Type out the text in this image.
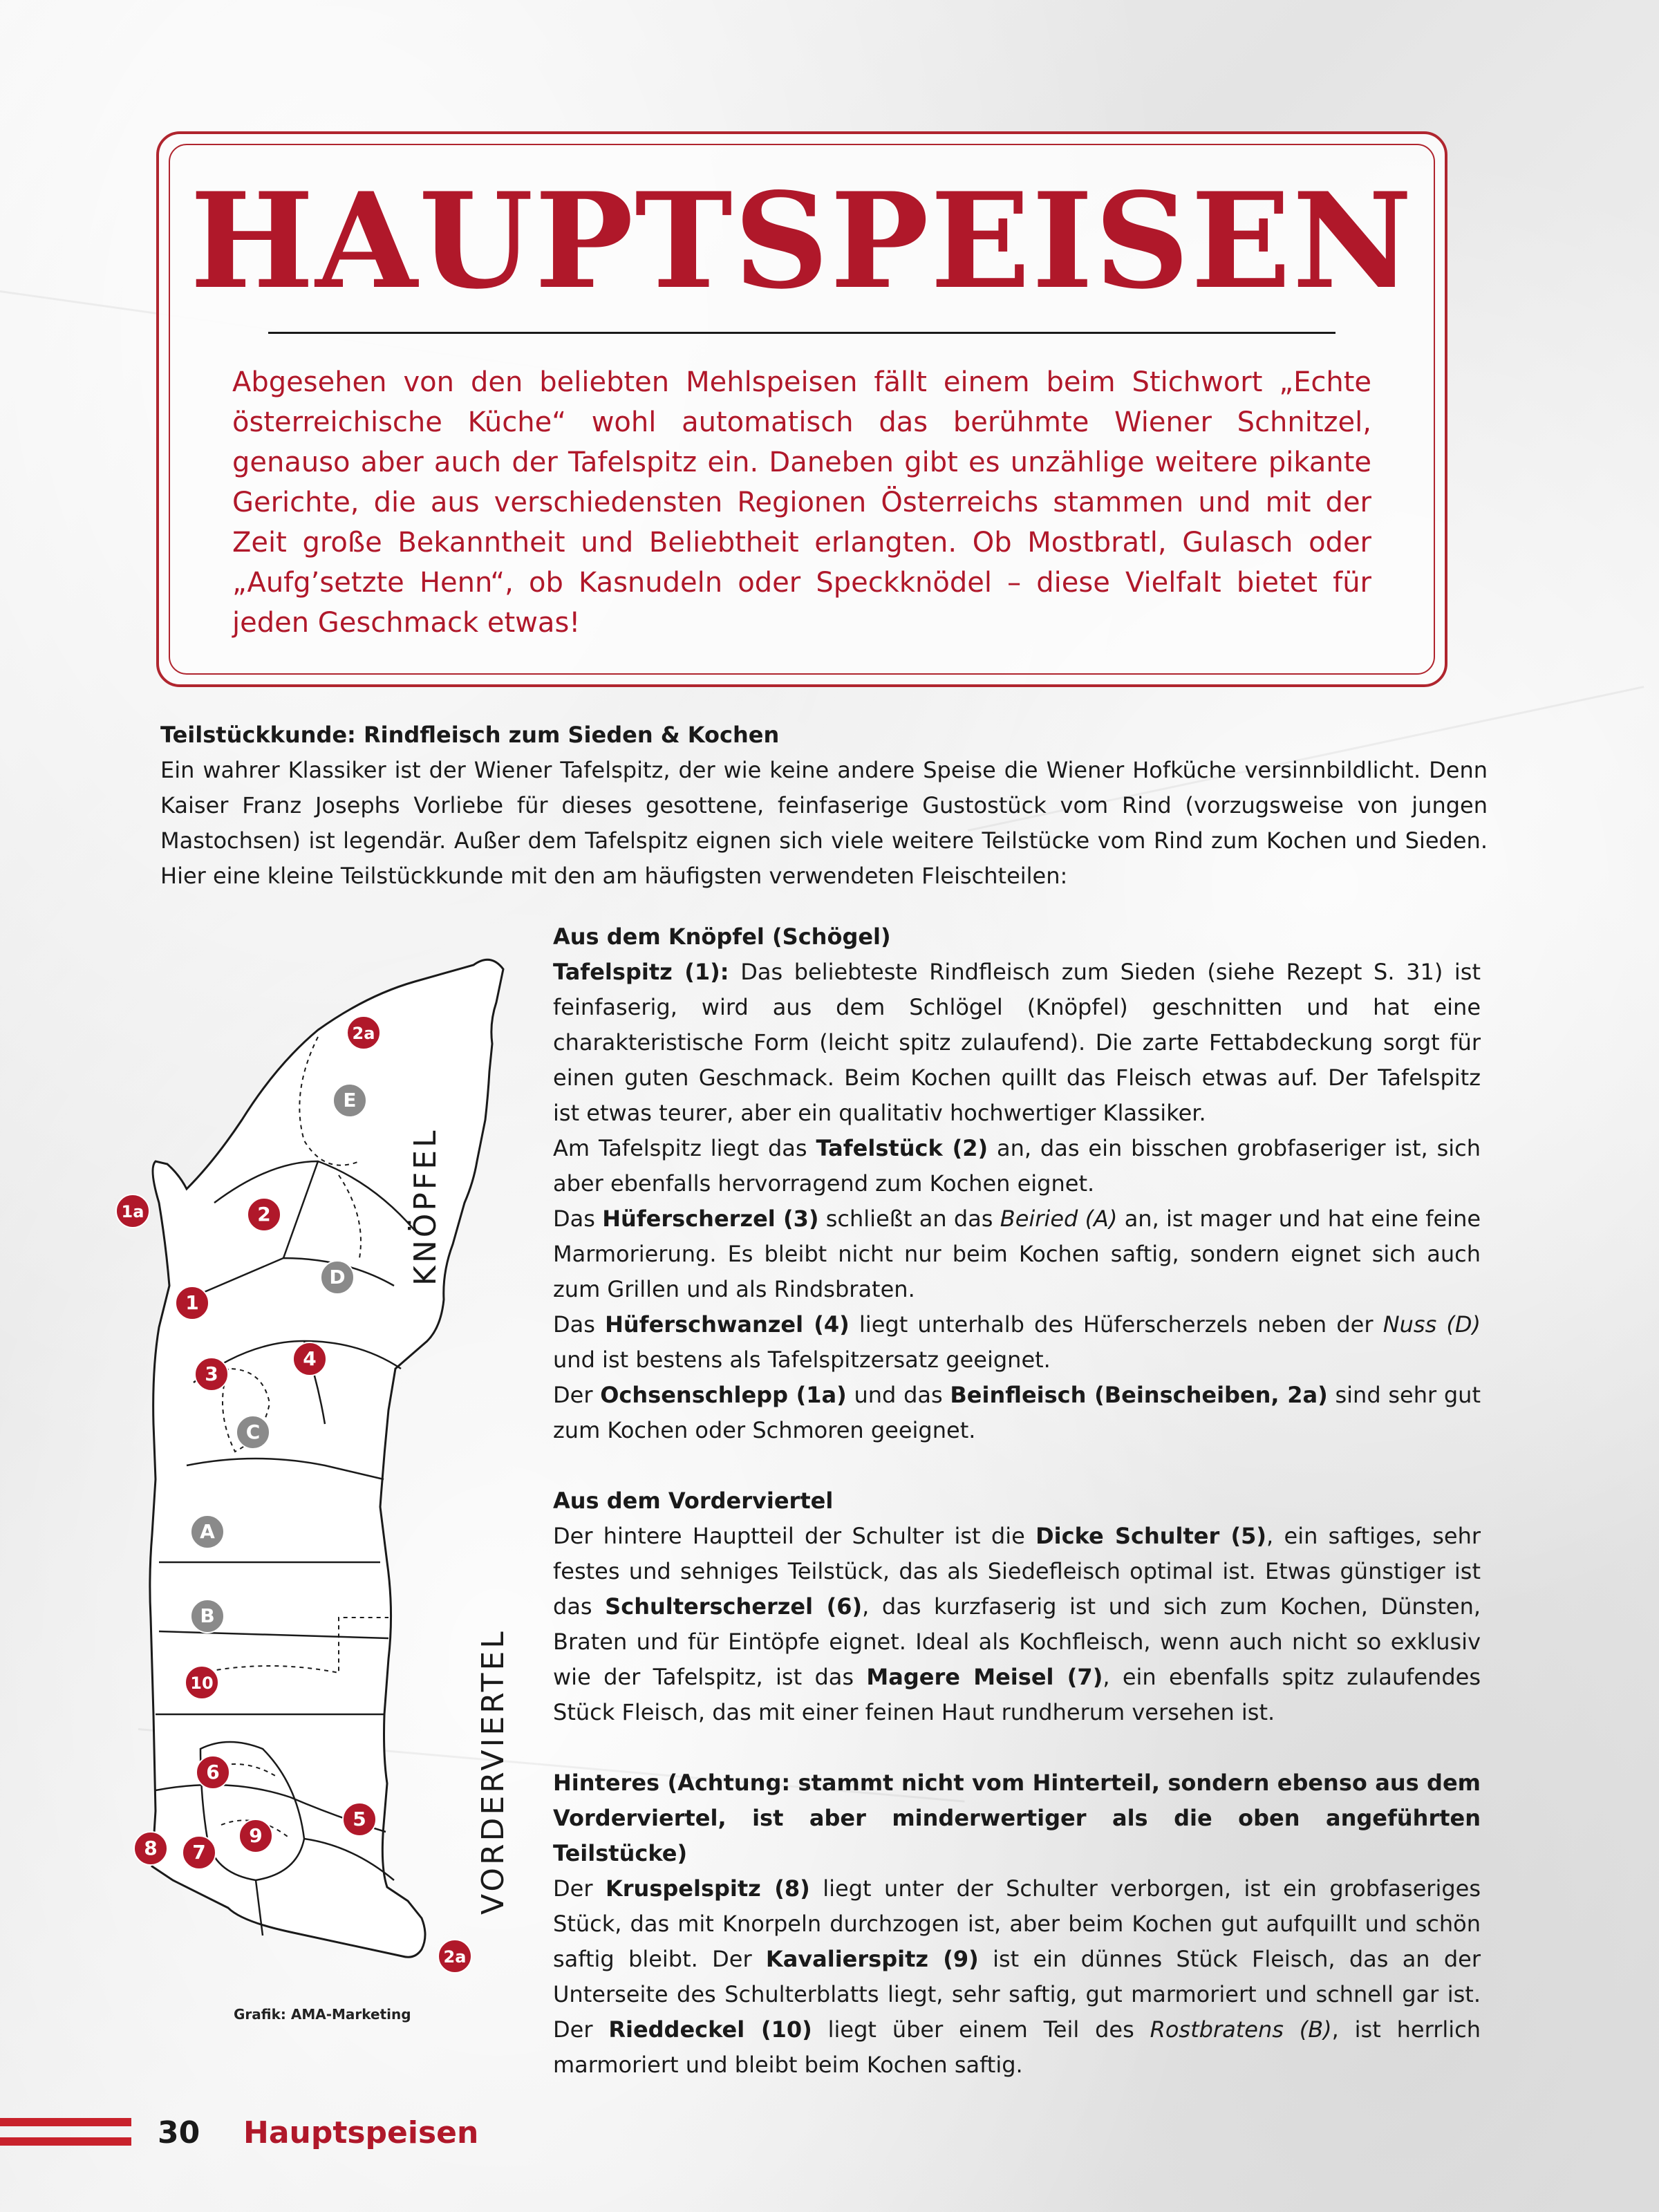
HAUPTSPEISEN
Abgesehen von den beliebten Mehlspeisen fällt einem beim Stichwort „Echte österreichische Küche“ wohl automatisch das berühmte Wiener Schnitzel, genauso aber auch der Tafelspitz ein. Daneben gibt es unzählige weitere pikante Gerichte, die aus verschiedensten Regionen Österreichs stammen und mit der Zeit große Bekanntheit und Beliebtheit erlangten. Ob Mostbratl, Gulasch oder „Aufg’setzte Henn“, ob Kasnudeln oder Speckknödel – diese Vielfalt bietet für jeden Geschmack etwas!
Teilstückkunde: Rindfleisch zum Sieden & Kochen
Ein wahrer Klassiker ist der Wiener Tafelspitz, der wie keine andere Speise die Wiener Hofküche versinnbildlicht. Denn Kaiser Franz Josephs Vorliebe für dieses gesottene, feinfaserige Gustostück vom Rind (vorzugsweise von jungen Mastochsen) ist legendär. Außer dem Tafelspitz eignen sich viele weitere Teilstücke vom Rind zum Kochen und Sieden. Hier eine kleine Teilstückkunde mit den am häufigsten verwendeten Fleischteilen:
2a
E
1a	2
D
1
3
4
C
A
B
10
6
5
8 7
9
2a
KNÖPFEL
VORDERVIERTEL
Grafik: AMA-Marketing

Aus dem Knöpfel (Schögel)

Tafelspitz (1): Das beliebteste Rindfleisch zum Sieden (siehe Rezept S. 31) ist feinfaserig, wird aus dem Schlögel (Knöpfel) geschnitten und hat eine charakteristische Form (leicht spitz zulaufend). Die zarte Fettabdeckung sorgt für einen guten Geschmack. Beim Kochen quillt das Fleisch etwas auf. Der Tafelspitz ist etwas teurer, aber ein qualitativ hochwertiger Klassiker.

Am Tafelspitz liegt das Tafelstück (2) an, das ein bisschen grobfaseriger ist, sich aber ebenfalls hervorragend zum Kochen eignet.

Das Hüferscherzel (3) schließt an das Beiried (A) an, ist mager und hat eine feine Marmorierung. Es bleibt nicht nur beim Kochen saftig, sondern eignet sich auch zum Grillen und als Rindsbraten.

Das Hüferschwanzel (4) liegt unterhalb des Hüferscherzels neben der Nuss (D) und ist bestens als Tafelspitzersatz geeignet.

Der Ochsenschlepp (1a) und das Beinfleisch (Beinscheiben, 2a) sind sehr gut zum Kochen oder Schmoren geeignet.

Aus dem Vorderviertel

Der hintere Hauptteil der Schulter ist die Dicke Schulter (5), ein saftiges, sehr festes und sehniges Teilstück, das als Siedefleisch optimal ist. Etwas günstiger ist das Schulterscherzel (6), das kurzfaserig ist und sich zum Kochen, Dünsten, Braten und für Eintöpfe eignet. Ideal als Kochfleisch, wenn auch nicht so exklusiv wie der Tafelspitz, ist das Magere Meisel (7), ein ebenfalls spitz zulaufendes Stück Fleisch, das mit einer feinen Haut rundherum versehen ist.

Hinteres (Achtung: stammt nicht vom Hinterteil, sondern ebenso aus dem Vorderviertel, ist aber minderwertiger als die oben angeführten Teilstücke)

Der Kruspelspitz (8) liegt unter der Schulter verborgen, ist ein grobfaseriges Stück, das mit Knorpeln durchzogen ist, aber beim Kochen gut aufquillt und schön saftig bleibt. Der Kavalierspitz (9) ist ein dünnes Stück Fleisch, das an der Unterseite des Schulterblatts liegt, sehr saftig, gut marmoriert und schnell gar ist. Der Rieddeckel (10) liegt über einem Teil des Rostbratens (B), ist herrlich marmoriert und bleibt beim Kochen saftig.

30 Hauptspeisen
